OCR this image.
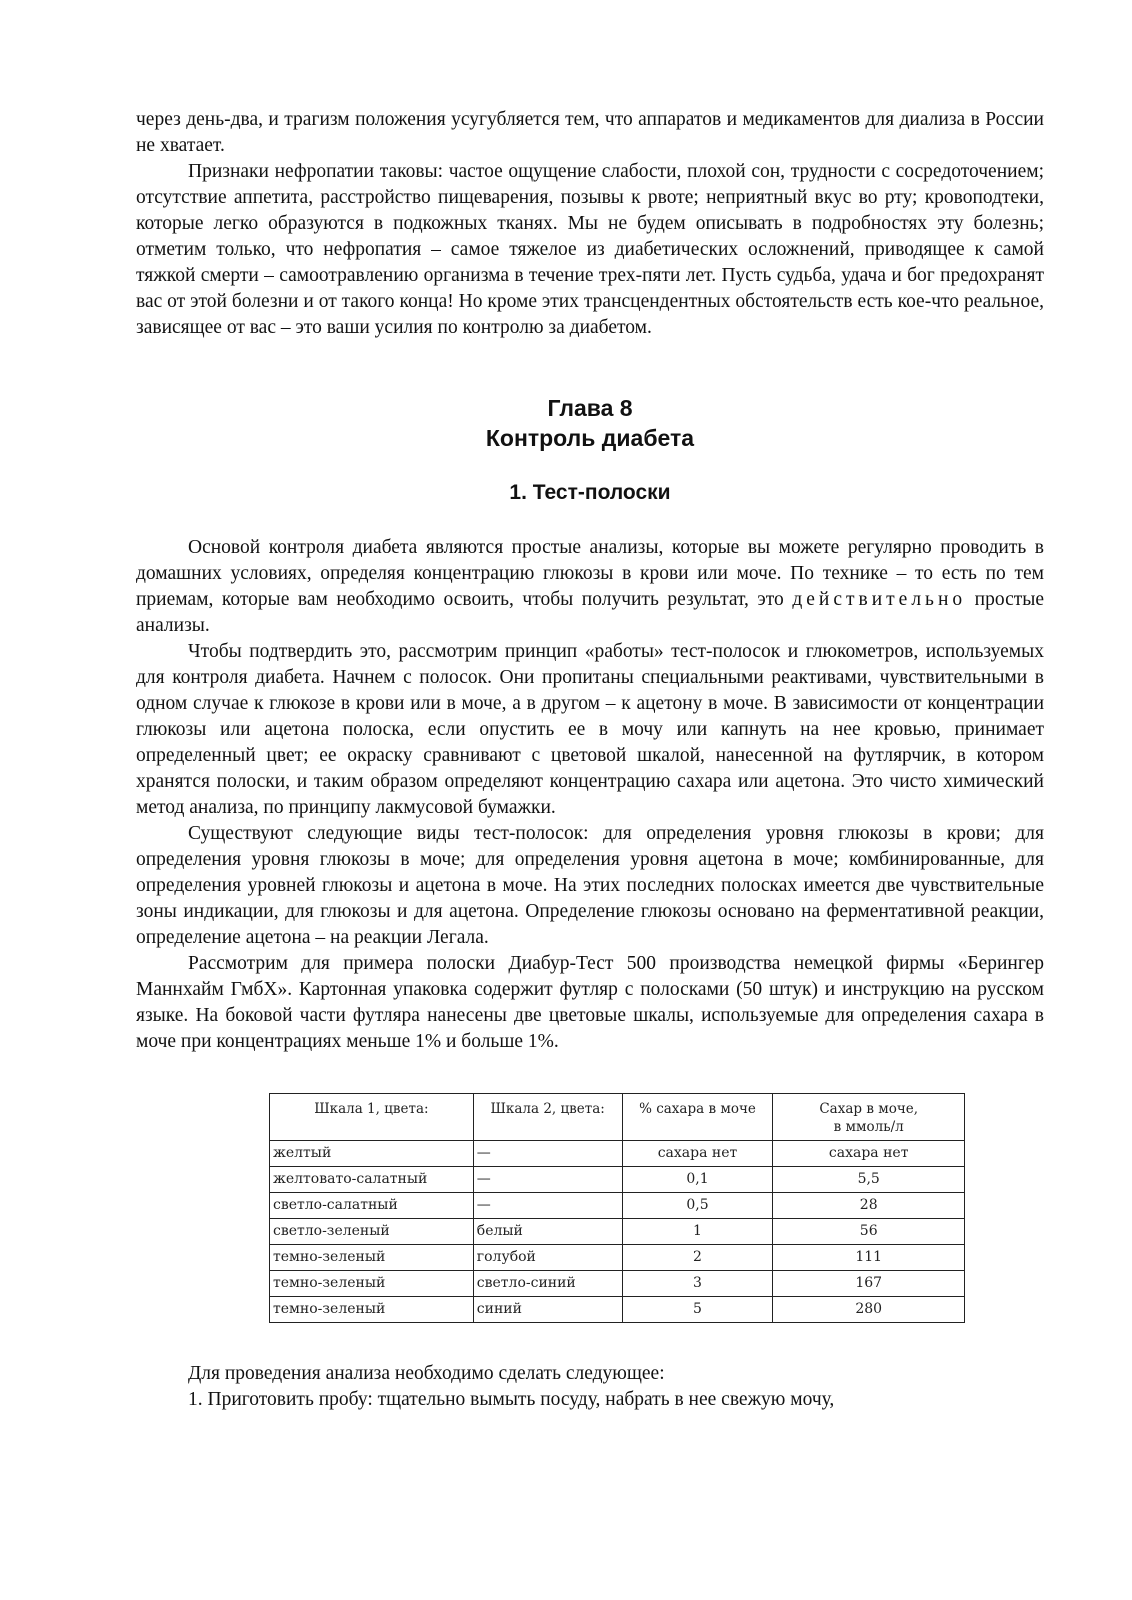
через день-два, и трагизм положения усугубляется тем, что аппаратов и медикаментов для диализа в России не хватает.

Признаки нефропатии таковы: частое ощущение слабости, плохой сон, трудности с сосредоточением; отсутствие аппетита, расстройство пищеварения, позывы к рвоте; неприятный вкус во рту; кровоподтеки, которые легко образуются в подкожных тканях. Мы не будем описывать в подробностях эту болезнь; отметим только, что нефропатия – самое тяжелое из диабетических осложнений, приводящее к самой тяжкой смерти – самоотравлению организма в течение трех-пяти лет. Пусть судьба, удача и бог предохранят вас от этой болезни и от такого конца! Но кроме этих трансцендентных обстоятельств есть кое-что реальное, зависящее от вас – это ваши усилия по контролю за диабетом.

Глава 8
Контроль диабета
1. Тест-полоски

Основой контроля диабета являются простые анализы, которые вы можете регулярно проводить в домашних условиях, определяя концентрацию глюкозы в крови или моче. По технике – то есть по тем приемам, которые вам необходимо освоить, чтобы получить результат, это действительно простые анализы.

Чтобы подтвердить это, рассмотрим принцип «работы» тест-полосок и глюкометров, используемых для контроля диабета. Начнем с полосок. Они пропитаны специальными реактивами, чувствительными в одном случае к глюкозе в крови или в моче, а в другом – к ацетону в моче. В зависимости от концентрации глюкозы или ацетона полоска, если опустить ее в мочу или капнуть на нее кровью, принимает определенный цвет; ее окраску сравнивают с цветовой шкалой, нанесенной на футлярчик, в котором хранятся полоски, и таким образом определяют концентрацию сахара или ацетона. Это чисто химический метод анализа, по принципу лакмусовой бумажки.

Существуют следующие виды тест-полосок: для определения уровня глюкозы в крови; для определения уровня глюкозы в моче; для определения уровня ацетона в моче; комбинированные, для определения уровней глюкозы и ацетона в моче. На этих последних полосках имеется две чувствительные зоны индикации, для глюкозы и для ацетона. Определение глюкозы основано на ферментативной реакции, определение ацетона – на реакции Легала.

Рассмотрим для примера полоски Диабур-Тест 500 производства немецкой фирмы «Берингер Маннхайм ГмбХ». Картонная упаковка содержит футляр с полосками (50 штук) и инструкцию на русском языке. На боковой части футляра нанесены две цветовые шкалы, используемые для определения сахара в моче при концентрациях меньше 1% и больше 1%.

Шкала 1, цвета:	Шкала 2, цвета:	% сахара в моче	Сахар в моче,
в ммоль/л
желтый	—	сахара нет	сахара нет
желтовато-салатный	—	0,1	5,5
светло-салатный	—	0,5	28
светло-зеленый	белый	1	56
темно-зеленый	голубой	2	111
темно-зеленый	светло-синий	3	167
темно-зеленый	синий	5	280

Для проведения анализа необходимо сделать следующее:

1. Приготовить пробу: тщательно вымыть посуду, набрать в нее свежую мочу,
